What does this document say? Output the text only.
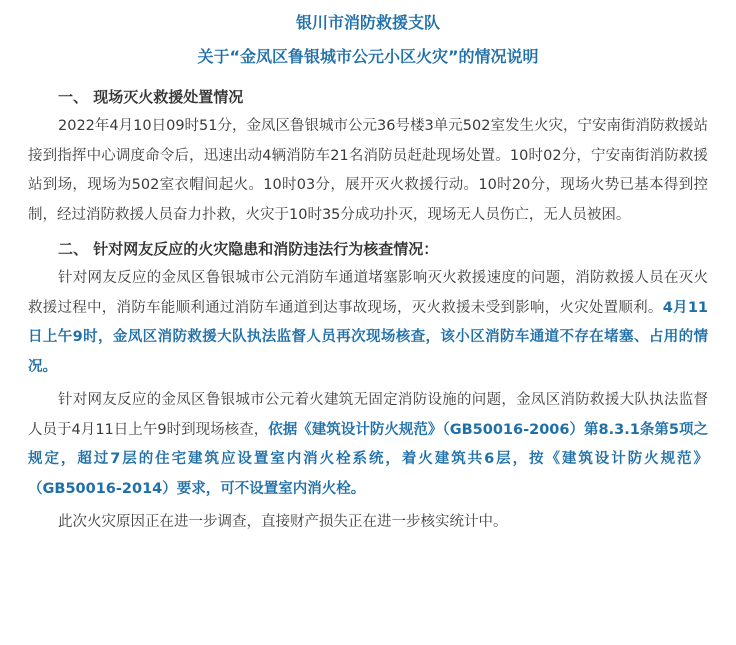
银川市消防救援支队
关于“金凤区鲁银城市公元小区火灾”的情况说明
一、 现场灭火救援处置情况
2022年4月10日09时51分，金凤区鲁银城市公元36号楼3单元502室发生火灾，宁安南街消防救援站接到指挥中心调度命令后，迅速出动4辆消防车21名消防员赶赴现场处置。10时02分，宁安南街消防救援站到场，现场为502室衣帽间起火。10时03分，展开灭火救援行动。10时20分，现场火势已基本得到控制，经过消防救援人员奋力扑救，火灾于10时35分成功扑灭，现场无人员伤亡，无人员被困。
二、 针对网友反应的火灾隐患和消防违法行为核查情况：
针对网友反应的金凤区鲁银城市公元消防车通道堵塞影响灭火救援速度的问题，消防救援人员在灭火救援过程中，消防车能顺利通过消防车通道到达事故现场，灭火救援未受到影响，火灾处置顺利。4月11日上午9时，金凤区消防救援大队执法监督人员再次现场核查，该小区消防车通道不存在堵塞、占用的情况。
针对网友反应的金凤区鲁银城市公元着火建筑无固定消防设施的问题，金凤区消防救援大队执法监督人员于4月11日上午9时到现场核查，依据《建筑设计防火规范》（GB50016-2006）第8.3.1条第5项之规定，超过7层的住宅建筑应设置室内消火栓系统，着火建筑共6层，按《建筑设计防火规范》（GB50016-2014）要求，可不设置室内消火栓。
此次火灾原因正在进一步调查，直接财产损失正在进一步核实统计中。
